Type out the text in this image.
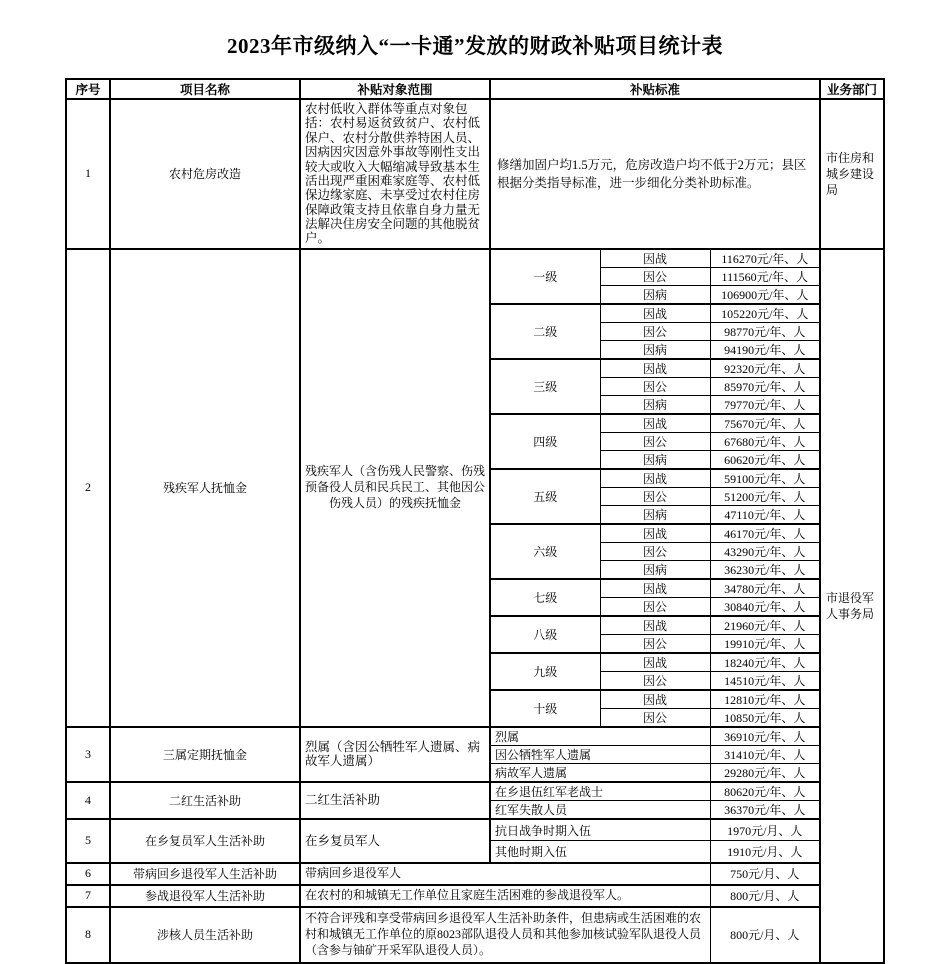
2023年市级纳入“一卡通”发放的财政补贴项目统计表
序号	项目名称	补贴对象范围	补贴标准			业务部门
1	农村危房改造	农村低收入群体等重点对象包括：农村易返贫致贫户、农村低保户、农村分散供养特困人员、因病因灾因意外事故等刚性支出较大或收入大幅缩减导致基本生活出现严重困难家庭等、农村低保边缘家庭、未享受过农村住房保障政策支持且依靠自身力量无法解决住房安全问题的其他脱贫户。	修缮加固户均1.5万元，危房改造户均不低于2万元；县区根据分类指导标准，进一步细化分类补助标准。			市住房和城乡建设局
2	残疾军人抚恤金	残疾军人（含伤残人民警察、伤残预备役人员和民兵民工、其他因公伤残人员）的残疾抚恤金	一级	因战	116270元/年、人	市退役军人事务局
				因公	111560元/年、人	
				因病	106900元/年、人	
			二级	因战	105220元/年、人	
				因公	98770元/年、人	
				因病	94190元/年、人	
			三级	因战	92320元/年、人	
				因公	85970元/年、人	
				因病	79770元/年、人	
			四级	因战	75670元/年、人	
				因公	67680元/年、人	
				因病	60620元/年、人	
			五级	因战	59100元/年、人	
				因公	51200元/年、人	
				因病	47110元/年、人	
			六级	因战	46170元/年、人	
				因公	43290元/年、人	
				因病	36230元/年、人	
			七级	因战	34780元/年、人	
				因公	30840元/年、人	
			八级	因战	21960元/年、人	
				因公	19910元/年、人	
			九级	因战	18240元/年、人	
				因公	14510元/年、人	
			十级	因战	12810元/年、人	
				因公	10850元/年、人	
3	三属定期抚恤金	烈属（含因公牺牲军人遗属、病故军人遗属）	烈属		36910元/年、人	
			因公牺牲军人遗属		31410元/年、人	
			病故军人遗属		29280元/年、人	
4	二红生活补助	二红生活补助	在乡退伍红军老战士		80620元/年、人	
			红军失散人员		36370元/年、人	
5	在乡复员军人生活补助	在乡复员军人	抗日战争时期入伍		1970元/月、人	
			其他时期入伍		1910元/月、人	
6	带病回乡退役军人生活补助	带病回乡退役军人			750元/月、人	
7	参战退役军人生活补助	在农村的和城镇无工作单位且家庭生活困难的参战退役军人。			800元/月、人	
8	涉核人员生活补助	不符合评残和享受带病回乡退役军人生活补助条件，但患病或生活困难的农村和城镇无工作单位的原8023部队退役人员和其他参加核试验军队退役人员（含参与铀矿开采军队退役人员）。			800元/月、人	
